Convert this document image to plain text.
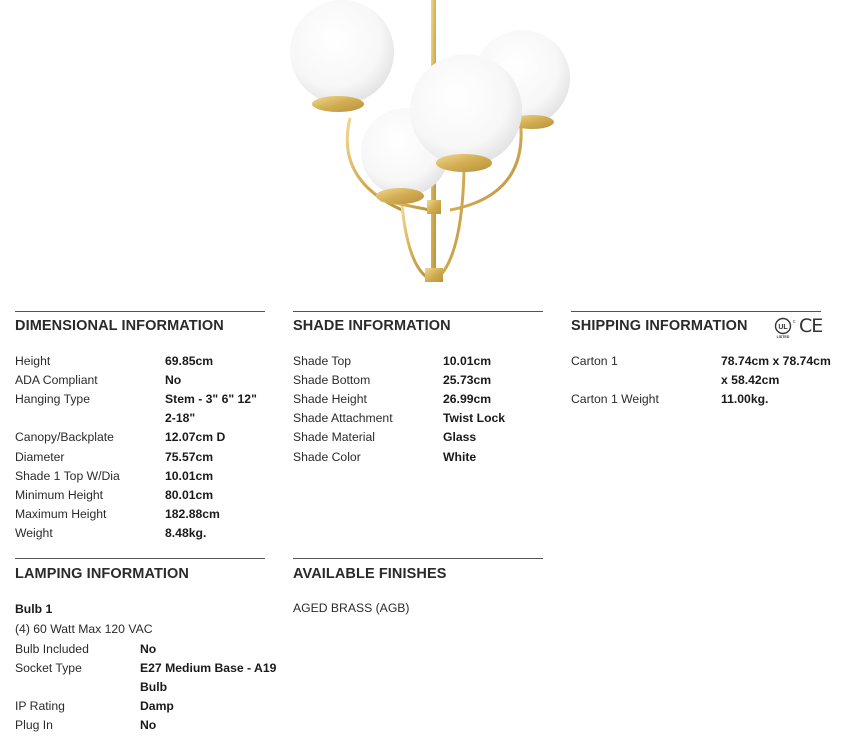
DIMENSIONAL INFORMATION
Height	69.85cm
ADA Compliant	No
Hanging Type	Stem - 3" 6" 12"
2-18"
Canopy/Backplate	12.07cm D
Diameter	75.57cm
Shade 1 Top W/Dia	10.01cm
Minimum Height	80.01cm
Maximum Height	182.88cm
Weight	8.48kg.
SHADE INFORMATION
Shade Top	10.01cm
Shade Bottom	25.73cm
Shade Height	26.99cm
Shade Attachment	Twist Lock
Shade Material	Glass
Shade Color	White
SHIPPING INFORMATION	UL
LISTED
c CE
Carton 1	78.74cm x 78.74cm
x 58.42cm
Carton 1 Weight	11.00kg.
LAMPING INFORMATION
Bulb 1
(4) 60 Watt Max 120 VAC
Bulb Included	No
Socket Type	E27 Medium Base - A19
Bulb
IP Rating	Damp
Plug In	No
AVAILABLE FINISHES
AGED BRASS (AGB)
